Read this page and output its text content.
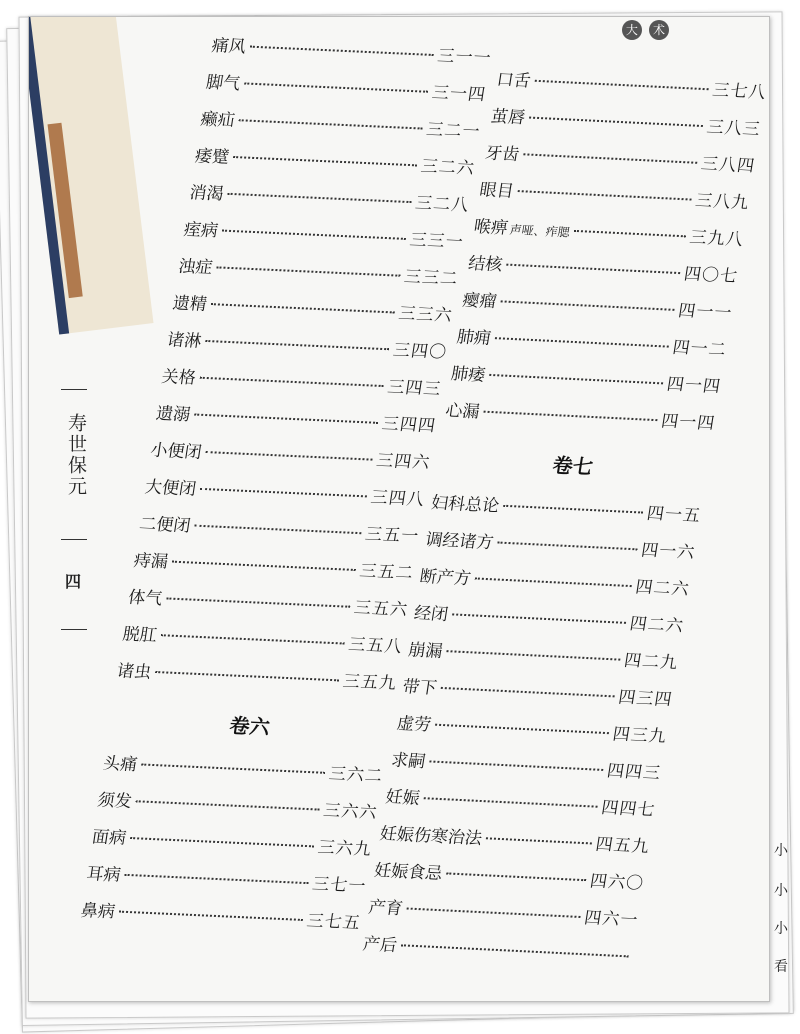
小
小
小
看
大 术
寿世保元
四
痛风	三一一
脚气	三一四
癞疝	三二一
痿躄	三二六
消渴	三二八
痓病	三三一
浊症	三三二
遗精	三三六
诸淋	三四〇
关格	三四三
遗溺	三四四
小便闭	三四六
大便闭	三四八
二便闭	三五一
痔漏	三五二
体气	三五六
脱肛	三五八
诸虫	三五九
卷六
头痛	三六二
须发	三六六
面病	三六九
耳病	三七一
鼻病	三七五
口舌	三七八
茧唇	三八三
牙齿	三八四
眼目	三八九
喉痹 声哑、痄腮	三九八
结核	四〇七
瘿瘤	四一一
肺痈	四一二
肺痿	四一四
心漏	四一四
卷七
妇科总论	四一五
调经诸方	四一六
断产方	四二六
经闭	四二六
崩漏	四二九
带下	四三四
虚劳	四三九
求嗣	四四三
妊娠	四四七
妊娠伤寒治法	四五九
妊娠食忌	四六〇
产育	四六一
产后
